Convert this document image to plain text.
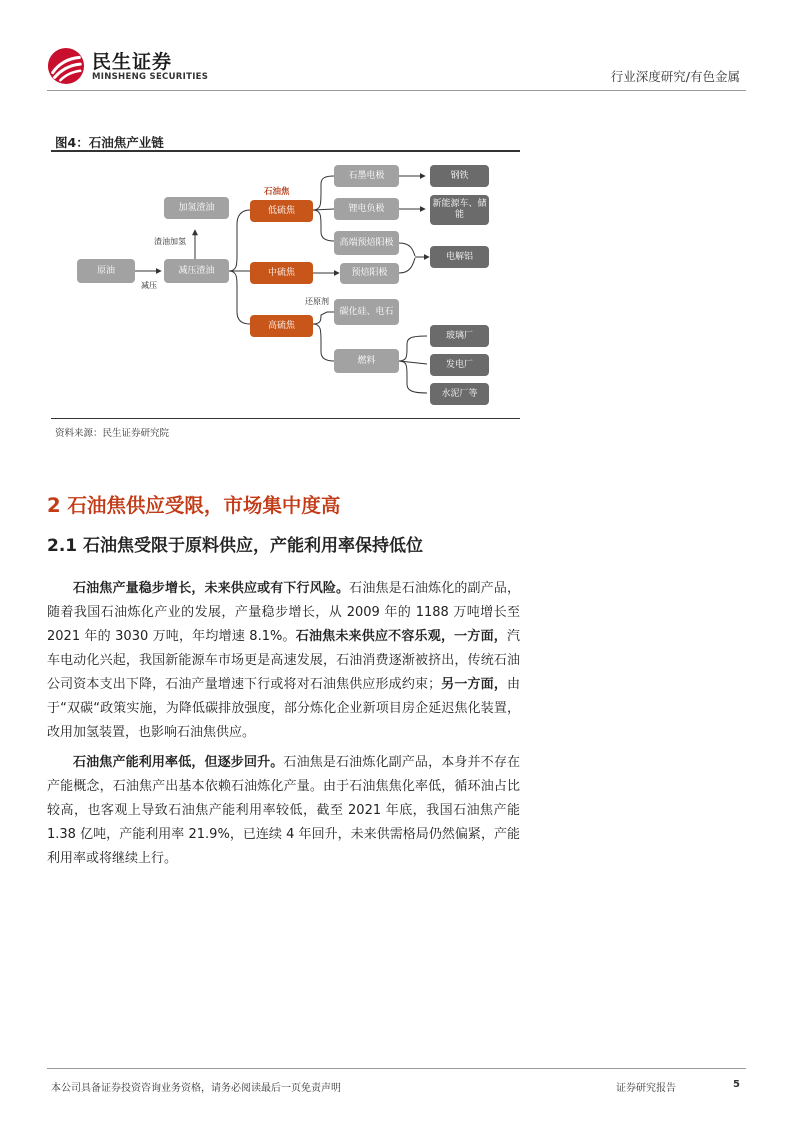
民生证券
MINSHENG SECURITIES	行业深度研究/有色金属
图4：石油焦产业链
原油	减压渣油
加氢渣油	低硫焦
中硫焦
高硫焦
石墨电极
锂电负极
高端预焙阳极
预焙阳极
碳化硅、电石
燃料
钢铁
新能源车、储能
电解铝
玻璃厂
发电厂
水泥厂等
渣油加氢
减压
石油焦
还原剂
资料来源：民生证券研究院
2 石油焦供应受限，市场集中度高
2.1 石油焦受限于原料供应，产能利用率保持低位

石油焦产量稳步增长，未来供应或有下行风险。石油焦是石油炼化的副产品，随着我国石油炼化产业的发展，产量稳步增长，从 2009 年的 1188 万吨增长至 2021 年的 3030 万吨，年均增速 8.1%。石油焦未来供应不容乐观，一方面，汽车电动化兴起，我国新能源车市场更是高速发展，石油消费逐渐被挤出，传统石油公司资本支出下降，石油产量增速下行或将对石油焦供应形成约束；另一方面，由于“双碳“政策实施，为降低碳排放强度，部分炼化企业新项目房企延迟焦化装置，改用加氢装置，也影响石油焦供应。

石油焦产能利用率低，但逐步回升。石油焦是石油炼化副产品，本身并不存在产能概念，石油焦产出基本依赖石油炼化产量。由于石油焦焦化率低，循环油占比较高，也客观上导致石油焦产能利用率较低，截至 2021 年底，我国石油焦产能 1.38 亿吨，产能利用率 21.9%，已连续 4 年回升，未来供需格局仍然偏紧，产能利用率或将继续上行。

本公司具备证券投资咨询业务资格，请务必阅读最后一页免责声明	证券研究报告	5
